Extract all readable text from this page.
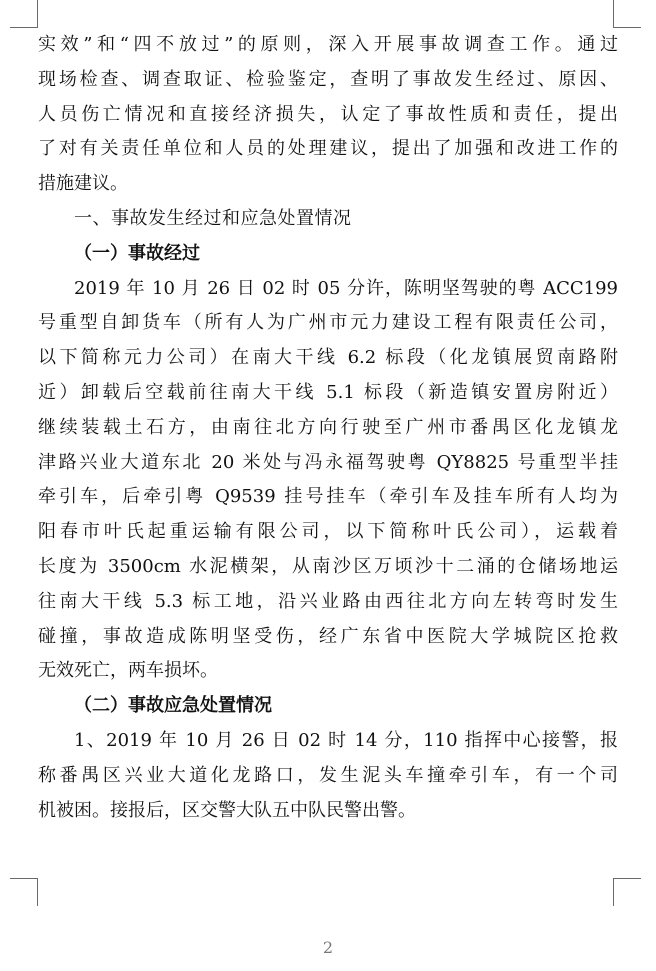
实效”和“四不放过”的原则，深入开展事故调查工作。通过
现场检查、调查取证、检验鉴定，查明了事故发生经过、原因、
人员伤亡情况和直接经济损失，认定了事故性质和责任，提出
了对有关责任单位和人员的处理建议，提出了加强和改进工作的
措施建议。
一、事故发生经过和应急处置情况
（一）事故经过
2019 年 10 月 26 日 02 时 05 分许，陈明坚驾驶的粤 ACC199
号重型自卸货车（所有人为广州市元力建设工程有限责任公司，
以下简称元力公司）在南大干线 6.2 标段（化龙镇展贸南路附
近）卸载后空载前往南大干线 5.1 标段（新造镇安置房附近）
继续装载土石方，由南往北方向行驶至广州市番禺区化龙镇龙
津路兴业大道东北 20 米处与冯永福驾驶粤 QY8825 号重型半挂
牵引车，后牵引粤 Q9539 挂号挂车（牵引车及挂车所有人均为
阳春市叶氏起重运输有限公司，以下简称叶氏公司），运载着
长度为 3500cm 水泥横架，从南沙区万顷沙十二涌的仓储场地运
往南大干线 5.3 标工地，沿兴业路由西往北方向左转弯时发生
碰撞，事故造成陈明坚受伤，经广东省中医院大学城院区抢救
无效死亡，两车损坏。
（二）事故应急处置情况
1、2019 年 10 月 26 日 02 时 14 分，110 指挥中心接警，报
称番禺区兴业大道化龙路口，发生泥头车撞牵引车，有一个司
机被困。接报后，区交警大队五中队民警出警。
2
